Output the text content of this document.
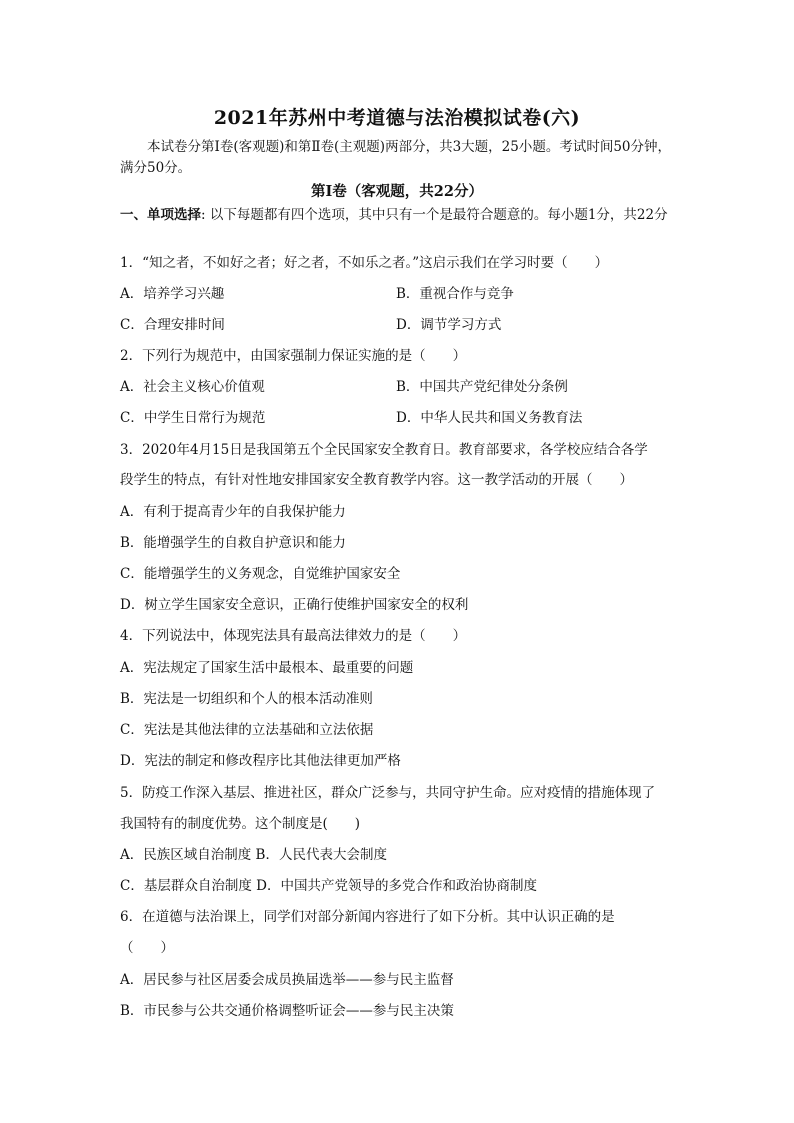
2021年苏州中考道德与法治模拟试卷(六)
本试卷分第Ⅰ卷(客观题)和第Ⅱ卷(主观题)两部分，共3大题，25小题。考试时间50分钟，满分50分。
第Ⅰ卷（客观题，共22分）
一、单项选择: 以下每题都有四个选项，其中只有一个是最符合题意的。每小题1分，共22分
1．“知之者，不如好之者；好之者，不如乐之者。”这启示我们在学习时要（　　）
A．培养学习兴趣	B．重视合作与竞争
C．合理安排时间	D．调节学习方式
2．下列行为规范中，由国家强制力保证实施的是（　　）
A．社会主义核心价值观	B．中国共产党纪律处分条例
C．中学生日常行为规范	D．中华人民共和国义务教育法
3．2020年4月15日是我国第五个全民国家安全教育日。教育部要求，各学校应结合各学
段学生的特点，有针对性地安排国家安全教育教学内容。这一教学活动的开展（　　）
A．有利于提高青少年的自我保护能力
B．能增强学生的自救自护意识和能力
C．能增强学生的义务观念，自觉维护国家安全
D．树立学生国家安全意识，正确行使维护国家安全的权利
4．下列说法中，体现宪法具有最高法律效力的是（　　）
A．宪法规定了国家生活中最根本、最重要的问题
B．宪法是一切组织和个人的根本活动准则
C．宪法是其他法律的立法基础和立法依据
D．宪法的制定和修改程序比其他法律更加严格
5．防疫工作深入基层、推进社区，群众广泛参与，共同守护生命。应对疫情的措施体现了
我国特有的制度优势。这个制度是(　　)
A．民族区域自治制度 B．人民代表大会制度
C．基层群众自治制度 D．中国共产党领导的多党合作和政治协商制度
6．在道德与法治课上，同学们对部分新闻内容进行了如下分析。其中认识正确的是
（　　）
A．居民参与社区居委会成员换届选举——参与民主监督
B．市民参与公共交通价格调整听证会——参与民主决策
